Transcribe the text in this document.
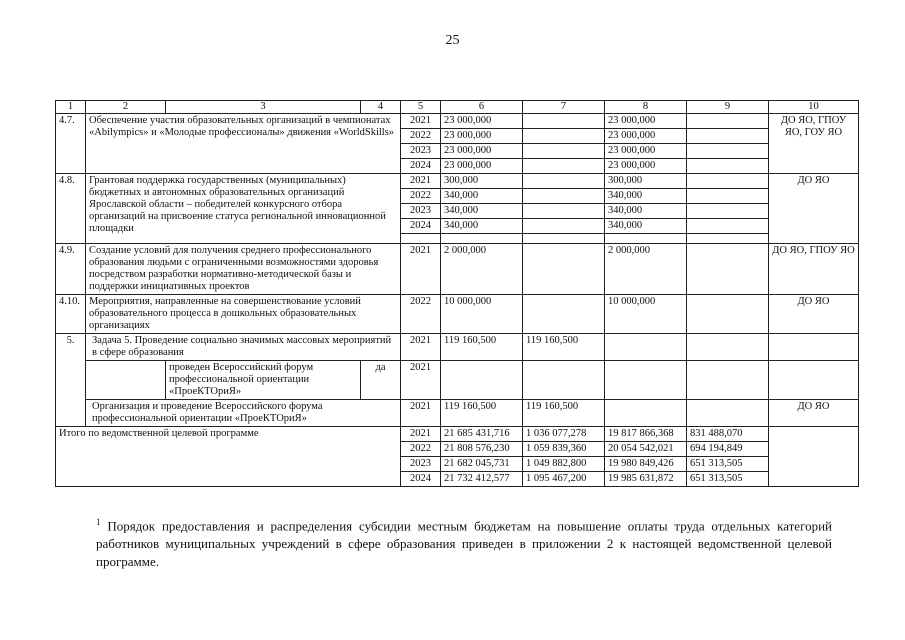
25
1	2	3	4	5	6	7	8	9	10
4.7.	Обеспечение участия образовательных организаций в чемпионатах «Abilympics» и «Молодые профессионалы» движения «WorldSkills»			2021	23 000,000		23 000,000		ДО ЯО, ГПОУ ЯО, ГОУ ЯО
				2022	23 000,000		23 000,000		
				2023	23 000,000		23 000,000		
				2024	23 000,000		23 000,000		
4.8.	Грантовая поддержка государственных (муниципальных) бюджетных и автономных образовательных организаций Ярославской области – победителей конкурсного отбора организаций на присвоение статуса региональной инновационной площадки			2021	300,000		300,000		ДО ЯО
				2022	340,000		340,000		
				2023	340,000		340,000		
				2024	340,000		340,000		

4.9.	Создание условий для получения среднего профессионального образования людьми с ограниченными возможностями здоровья посредством разработки нормативно-методической базы и поддержки инициативных проектов			2021	2 000,000		2 000,000		ДО ЯО, ГПОУ ЯО
4.10.	Мероприятия, направленные на совершенствование условий образовательного процесса в дошкольных образовательных организациях			2022	10 000,000		10 000,000		ДО ЯО
5.	Задача 5. Проведение социально значимых массовых мероприятий в сфере образования			2021	119 160,500	119 160,500			
		проведен Всероссийский форум профессиональной ориентации «ПроеКТОриЯ»	да	2021					
	Организация и проведение Всероссийского форума профессиональной ориентации «ПроеКТОриЯ»			2021	119 160,500	119 160,500			ДО ЯО
Итого по ведомственной целевой программе				2021	21 685 431,716	1 036 077,278	19 817 866,368	831 488,070	
				2022	21 808 576,230	1 059 839,360	20 054 542,021	694 194,849	
				2023	21 682 045,731	1 049 882,800	19 980 849,426	651 313,505	
				2024	21 732 412,577	1 095 467,200	19 985 631,872	651 313,505	
$^1$ Порядок предоставления и распределения субсидии местным бюджетам на повышение оплаты труда отдельных категорий работников муниципальных учреждений в сфере образования приведен в приложении 2 к настоящей ведомственной целевой программе.
